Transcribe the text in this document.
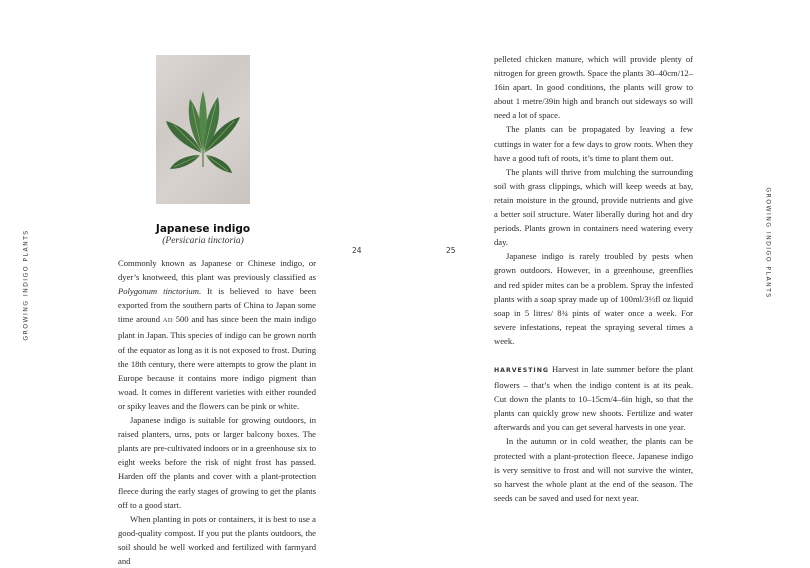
GROWING INDIGO PLANTS	GROWING INDIGO PLANTS
24	25
Japanese indigo
(Persicaria tinctoria)

Commonly known as Japanese or Chinese indigo, or dyer’s knotweed, this plant was previously classified as Polygonum tinctorium. It is believed to have been exported from the southern parts of China to Japan some time around AD 500 and has since been the main indigo plant in Japan. This species of indigo can be grown north of the equator as long as it is not exposed to frost. During the 18th century, there were attempts to grow the plant in Europe because it contains more indigo pigment than woad. It comes in different varieties with either rounded or spiky leaves and the flowers can be pink or white.

Japanese indigo is suitable for growing outdoors, in raised planters, urns, pots or larger balcony boxes. The plants are pre-cultivated indoors or in a greenhouse six to eight weeks before the risk of night frost has passed. Harden off the plants and cover with a plant-protection fleece during the early stages of growing to get the plants off to a good start.

When planting in pots or containers, it is best to use a good-quality compost. If you put the plants outdoors, the soil should be well worked and fertilized with farmyard and

pelleted chicken manure, which will provide plenty of nitrogen for green growth. Space the plants 30–40cm/12–16in apart. In good conditions, the plants will grow to about 1 metre/39in high and branch out sideways so will need a lot of space.

The plants can be propagated by leaving a few cuttings in water for a few days to grow roots. When they have a good tuft of roots, it’s time to plant them out.

The plants will thrive from mulching the surrounding soil with grass clippings, which will keep weeds at bay, retain moisture in the ground, provide nutrients and give a better soil structure. Water liberally during hot and dry periods. Plants grown in containers need watering every day.

Japanese indigo is rarely troubled by pests when grown outdoors. However, in a greenhouse, greenflies and red spider mites can be a problem. Spray the infested plants with a soap spray made up of 100ml/3⅓fl oz liquid soap in 5 litres/ 8¾ pints of water once a week. For severe infestations, repeat the spraying several times a week.

HARVESTING Harvest in late summer before the plant flowers – that’s when the indigo content is at its peak. Cut down the plants to 10–15cm/4–6in high, so that the plants can quickly grow new shoots. Fertilize and water afterwards and you can get several harvests in one year.

In the autumn or in cold weather, the plants can be protected with a plant-protection fleece. Japanese indigo is very sensitive to frost and will not survive the winter, so harvest the whole plant at the end of the season. The seeds can be saved and used for next year.
